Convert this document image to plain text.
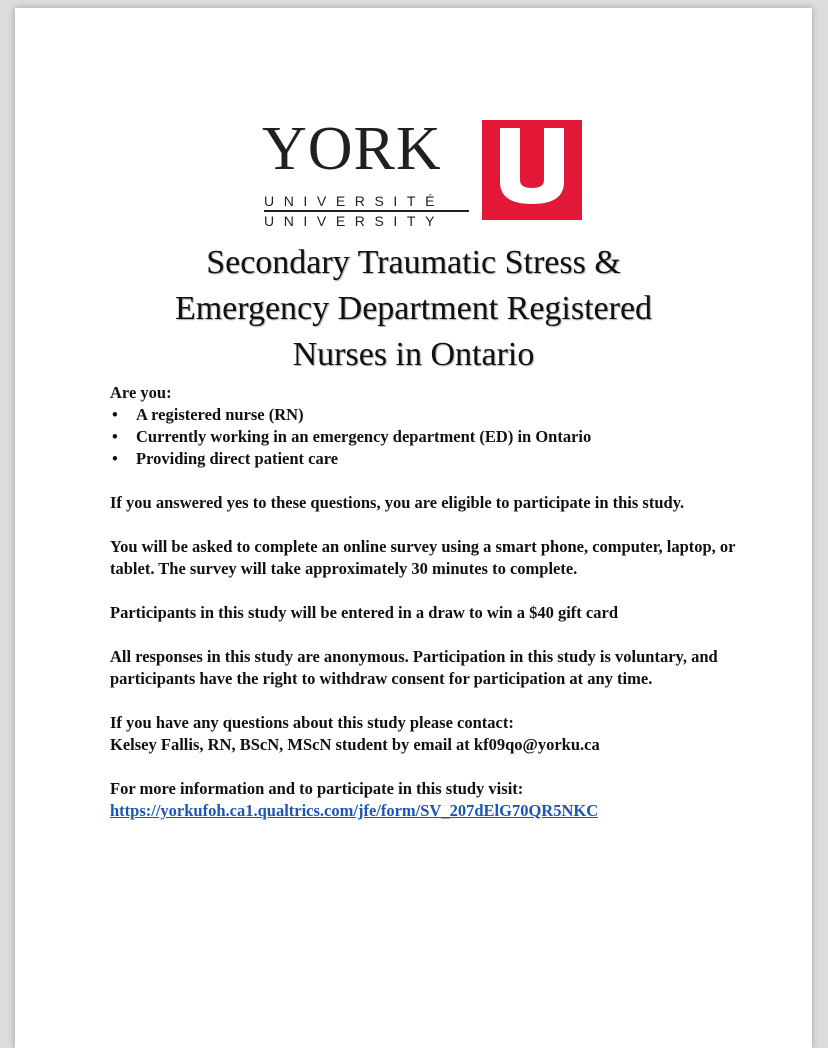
YORK
UNIVERSITÉ
UNIVERSITY
Secondary Traumatic Stress &
Emergency Department Registered
Nurses in Ontario

Are you:

• A registered nurse (RN)
• Currently working in an emergency department (ED) in Ontario
• Providing direct patient care

If you answered yes to these questions, you are eligible to participate in this study.

You will be asked to complete an online survey using a smart phone, computer, laptop, or tablet. The survey will take approximately 30 minutes to complete.

Participants in this study will be entered in a draw to win a $40 gift card

All responses in this study are anonymous. Participation in this study is voluntary, and participants have the right to withdraw consent for participation at any time.

If you have any questions about this study please contact:

Kelsey Fallis, RN, BScN, MScN student by email at kf09qo@yorku.ca

For more information and to participate in this study visit:

https://yorkufoh.ca1.qualtrics.com/jfe/form/SV_207dElG70QR5NKC
